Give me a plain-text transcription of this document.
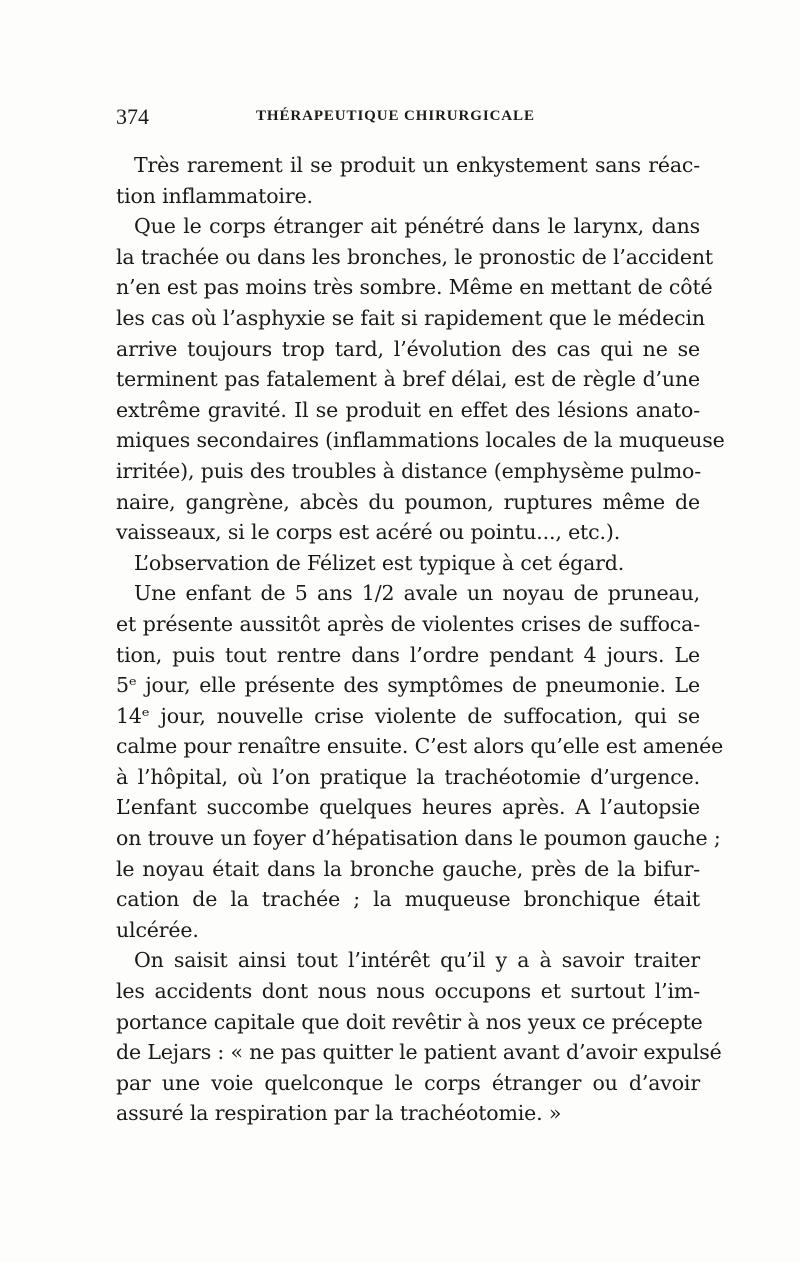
374	THÉRAPEUTIQUE CHIRURGICALE
Très rarement il se produit un enkystement sans réac-
tion inflammatoire.
Que le corps étranger ait pénétré dans le larynx, dans
la trachée ou dans les bronches, le pronostic de l’accident
n’en est pas moins très sombre. Même en mettant de côté
les cas où l’asphyxie se fait si rapidement que le médecin
arrive toujours trop tard, l’évolution des cas qui ne se
terminent pas fatalement à bref délai, est de règle d’une
extrême gravité. Il se produit en effet des lésions anato-
miques secondaires (inflammations locales de la muqueuse
irritée), puis des troubles à distance (emphysème pulmo-
naire, gangrène, abcès du poumon, ruptures même de
vaisseaux, si le corps est acéré ou pointu..., etc.).
L’observation de Félizet est typique à cet égard.
Une enfant de 5 ans 1/2 avale un noyau de pruneau,
et présente aussitôt après de violentes crises de suffoca-
tion, puis tout rentre dans l’ordre pendant 4 jours. Le
5ᵉ jour, elle présente des symptômes de pneumonie. Le
14ᵉ jour, nouvelle crise violente de suffocation, qui se
calme pour renaître ensuite. C’est alors qu’elle est amenée
à l’hôpital, où l’on pratique la trachéotomie d’urgence.
L’enfant succombe quelques heures après. A l’autopsie
on trouve un foyer d’hépatisation dans le poumon gauche ;
le noyau était dans la bronche gauche, près de la bifur-
cation de la trachée ; la muqueuse bronchique était
ulcérée.
On saisit ainsi tout l’intérêt qu’il y a à savoir traiter
les accidents dont nous nous occupons et surtout l’im-
portance capitale que doit revêtir à nos yeux ce précepte
de Lejars : « ne pas quitter le patient avant d’avoir expulsé
par une voie quelconque le corps étranger ou d’avoir
assuré la respiration par la trachéotomie. »
